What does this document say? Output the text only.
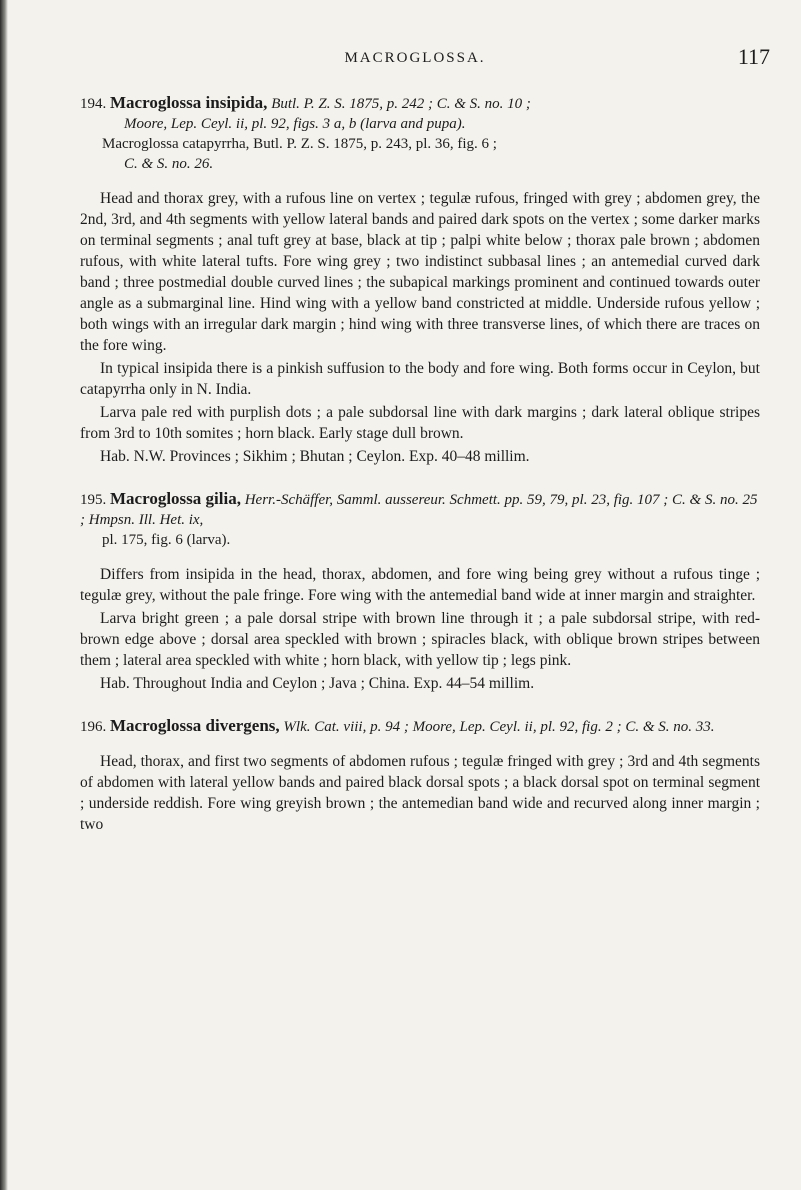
MACROGLOSSA.	117

194. Macroglossa insipida, Butl. P. Z. S. 1875, p. 242 ; C. & S. no. 10 ;

Moore, Lep. Ceyl. ii, pl. 92, figs. 3 a, b (larva and pupa).

Macroglossa catapyrrha, Butl. P. Z. S. 1875, p. 243, pl. 36, fig. 6 ;

C. & S. no. 26.

Head and thorax grey, with a rufous line on vertex ; tegulæ rufous, fringed with grey ; abdomen grey, the 2nd, 3rd, and 4th segments with yellow lateral bands and paired dark spots on the vertex ; some darker marks on terminal segments ; anal tuft grey at base, black at tip ; palpi white below ; thorax pale brown ; abdomen rufous, with white lateral tufts. Fore wing grey ; two indistinct subbasal lines ; an antemedial curved dark band ; three postmedial double curved lines ; the subapical markings prominent and continued towards outer angle as a submarginal line. Hind wing with a yellow band constricted at middle. Underside rufous yellow ; both wings with an irregular dark margin ; hind wing with three transverse lines, of which there are traces on the fore wing.

In typical insipida there is a pinkish suffusion to the body and fore wing. Both forms occur in Ceylon, but catapyrrha only in N. India.

Larva pale red with purplish dots ; a pale subdorsal line with dark margins ; dark lateral oblique stripes from 3rd to 10th somites ; horn black. Early stage dull brown.

Hab. N.W. Provinces ; Sikhim ; Bhutan ; Ceylon. Exp. 40–48 millim.

195. Macroglossa gilia, Herr.-Schäffer, Samml. aussereur. Schmett. pp. 59, 79, pl. 23, fig. 107 ; C. & S. no. 25 ; Hmpsn. Ill. Het. ix,

pl. 175, fig. 6 (larva).

Differs from insipida in the head, thorax, abdomen, and fore wing being grey without a rufous tinge ; tegulæ grey, without the pale fringe. Fore wing with the antemedial band wide at inner margin and straighter.

Larva bright green ; a pale dorsal stripe with brown line through it ; a pale subdorsal stripe, with red-brown edge above ; dorsal area speckled with brown ; spiracles black, with oblique brown stripes between them ; lateral area speckled with white ; horn black, with yellow tip ; legs pink.

Hab. Throughout India and Ceylon ; Java ; China. Exp. 44–54 millim.

196. Macroglossa divergens, Wlk. Cat. viii, p. 94 ; Moore, Lep. Ceyl. ii, pl. 92, fig. 2 ; C. & S. no. 33.

Head, thorax, and first two segments of abdomen rufous ; tegulæ fringed with grey ; 3rd and 4th segments of abdomen with lateral yellow bands and paired black dorsal spots ; a black dorsal spot on terminal segment ; underside reddish. Fore wing greyish brown ; the antemedian band wide and recurved along inner margin ; two
